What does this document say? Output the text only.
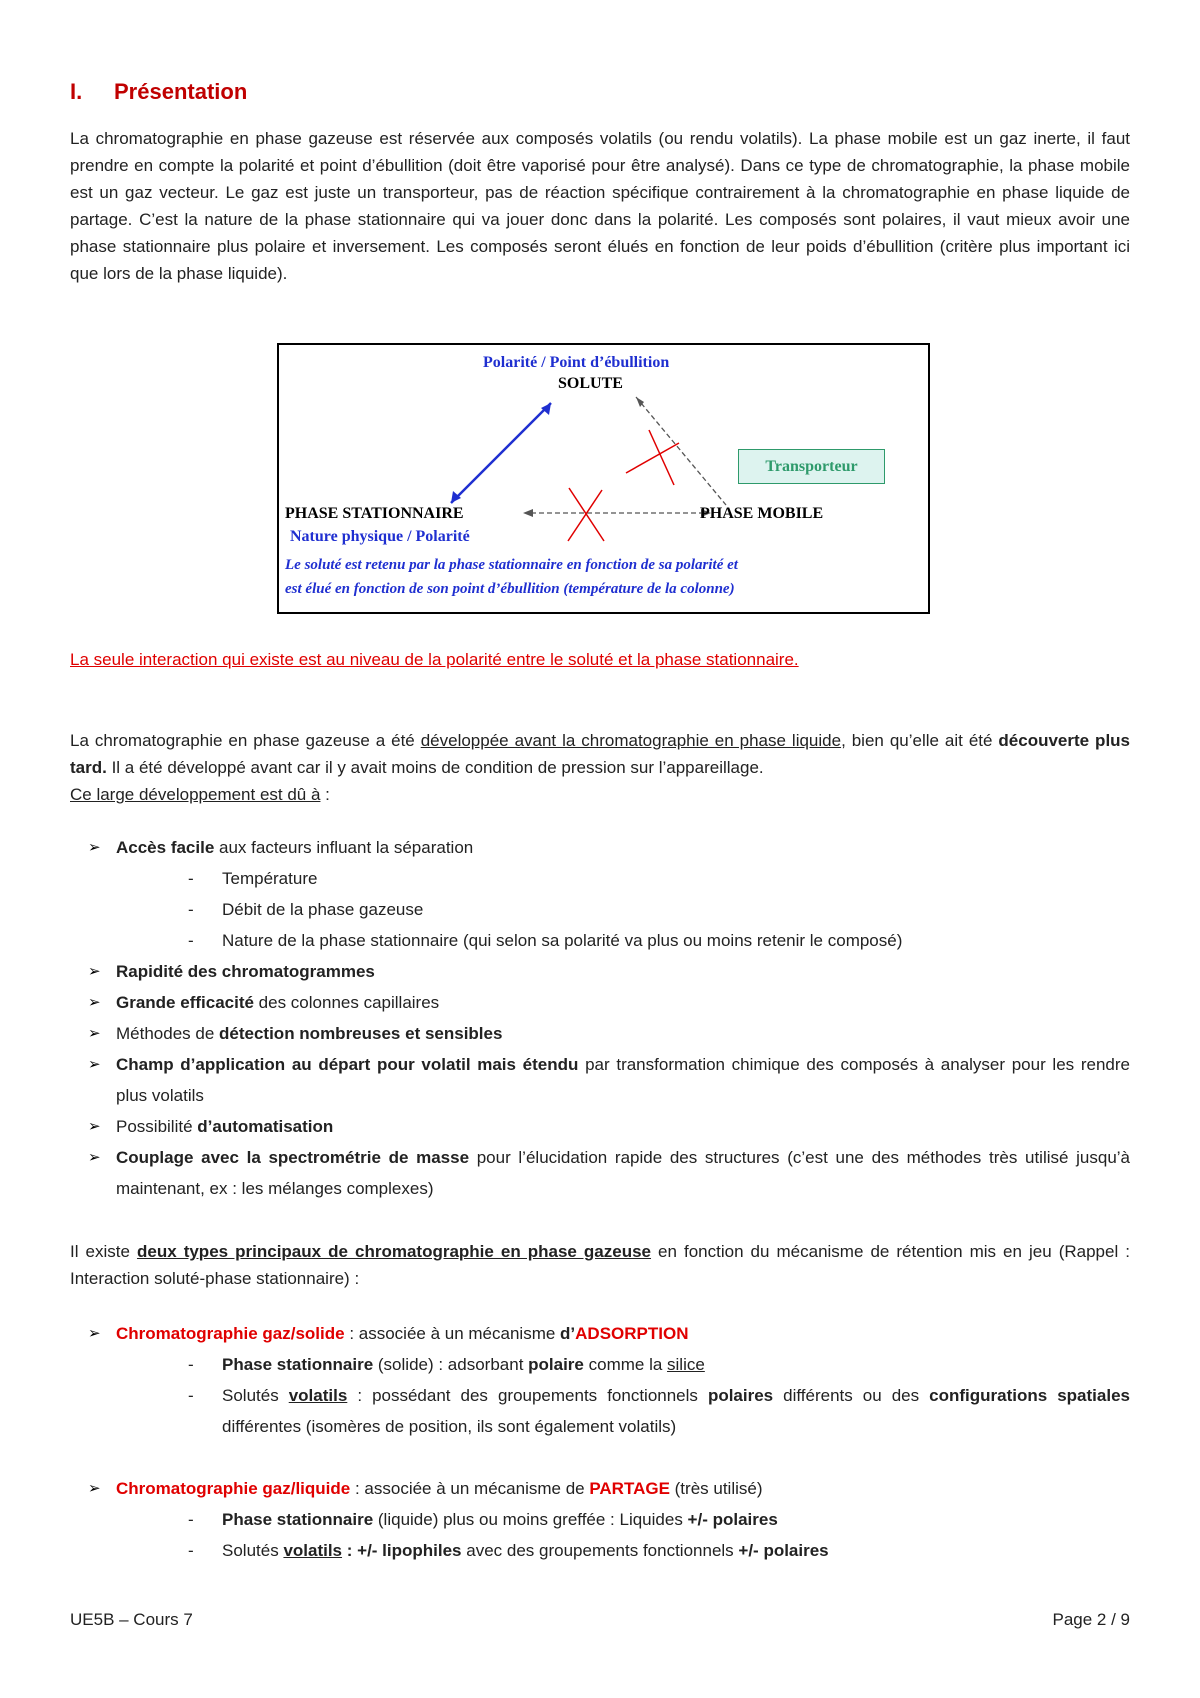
I. Présentation

La chromatographie en phase gazeuse est réservée aux composés volatils (ou rendu volatils). La phase mobile est un gaz inerte, il faut prendre en compte la polarité et point d’ébullition (doit être vaporisé pour être analysé). Dans ce type de chromatographie, la phase mobile est un gaz vecteur. Le gaz est juste un transporteur, pas de réaction spécifique contrairement à la chromatographie en phase liquide de partage. C’est la nature de la phase stationnaire qui va jouer donc dans la polarité. Les composés sont polaires, il vaut mieux avoir une phase stationnaire plus polaire et inversement. Les composés seront élués en fonction de leur poids d’ébullition (critère plus important ici que lors de la phase liquide).

Polarité / Point d’ébullition
SOLUTE
Transporteur
PHASE STATIONNAIRE	PHASE MOBILE
Nature physique / Polarité
Le soluté est retenu par la phase stationnaire en fonction de sa polarité et
est élué en fonction de son point d’ébullition (température de la colonne)

La seule interaction qui existe est au niveau de la polarité entre le soluté et la phase stationnaire.

La chromatographie en phase gazeuse a été développée avant la chromatographie en phase liquide, bien qu’elle ait été découverte plus tard. Il a été développé avant car il y avait moins de condition de pression sur l’appareillage.

Ce large développement est dû à :

➢ Accès facile aux facteurs influant la séparation
- Température
- Débit de la phase gazeuse
- Nature de la phase stationnaire (qui selon sa polarité va plus ou moins retenir le composé)
➢ Rapidité des chromatogrammes
➢ Grande efficacité des colonnes capillaires
➢ Méthodes de détection nombreuses et sensibles
➢ Champ d’application au départ pour volatil mais étendu par transformation chimique des composés à analyser pour les rendre plus volatils
➢ Possibilité d’automatisation
➢ Couplage avec la spectrométrie de masse pour l’élucidation rapide des structures (c’est une des méthodes très utilisé jusqu’à maintenant, ex : les mélanges complexes)

Il existe deux types principaux de chromatographie en phase gazeuse en fonction du mécanisme de rétention mis en jeu (Rappel : Interaction soluté-phase stationnaire) :

➢ Chromatographie gaz/solide : associée à un mécanisme d’ADSORPTION
- Phase stationnaire (solide) : adsorbant polaire comme la silice
- Solutés volatils : possédant des groupements fonctionnels polaires différents ou des configurations spatiales différentes (isomères de position, ils sont également volatils)
➢ Chromatographie gaz/liquide : associée à un mécanisme de PARTAGE (très utilisé)
- Phase stationnaire (liquide) plus ou moins greffée : Liquides +/- polaires
- Solutés volatils : +/- lipophiles avec des groupements fonctionnels +/- polaires
UE5B – Cours 7	Page 2 / 9
